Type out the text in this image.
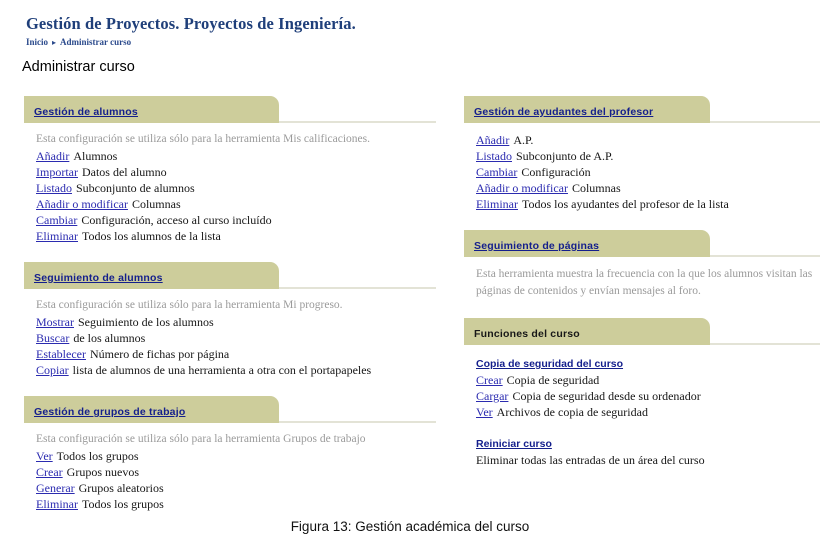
Gestión de Proyectos. Proyectos de Ingeniería.
Inicio ▸ Administrar curso
Administrar curso
Gestión de alumnos
Esta configuración se utiliza sólo para la herramienta Mis calificaciones.
Añadir Alumnos
Importar Datos del alumno
Listado Subconjunto de alumnos
Añadir o modificar Columnas
Cambiar Configuración, acceso al curso incluído
Eliminar Todos los alumnos de la lista
Seguimiento de alumnos
Esta configuración se utiliza sólo para la herramienta Mi progreso.
Mostrar Seguimiento de los alumnos
Buscar de los alumnos
Establecer Número de fichas por página
Copiar lista de alumnos de una herramienta a otra con el portapapeles
Gestión de grupos de trabajo
Esta configuración se utiliza sólo para la herramienta Grupos de trabajo
Ver Todos los grupos
Crear Grupos nuevos
Generar Grupos aleatorios
Eliminar Todos los grupos
Gestión de ayudantes del profesor
Añadir A.P.
Listado Subconjunto de A.P.
Cambiar Configuración
Añadir o modificar Columnas
Eliminar Todos los ayudantes del profesor de la lista
Seguimiento de páginas
Esta herramienta muestra la frecuencia con la que los alumnos visitan las páginas de contenidos y envían mensajes al foro.
Funciones del curso
Copia de seguridad del curso
Crear Copia de seguridad
Cargar Copia de seguridad desde su ordenador
Ver Archivos de copia de seguridad
Reiniciar curso
Eliminar todas las entradas de un área del curso
Figura 13: Gestión académica del curso
